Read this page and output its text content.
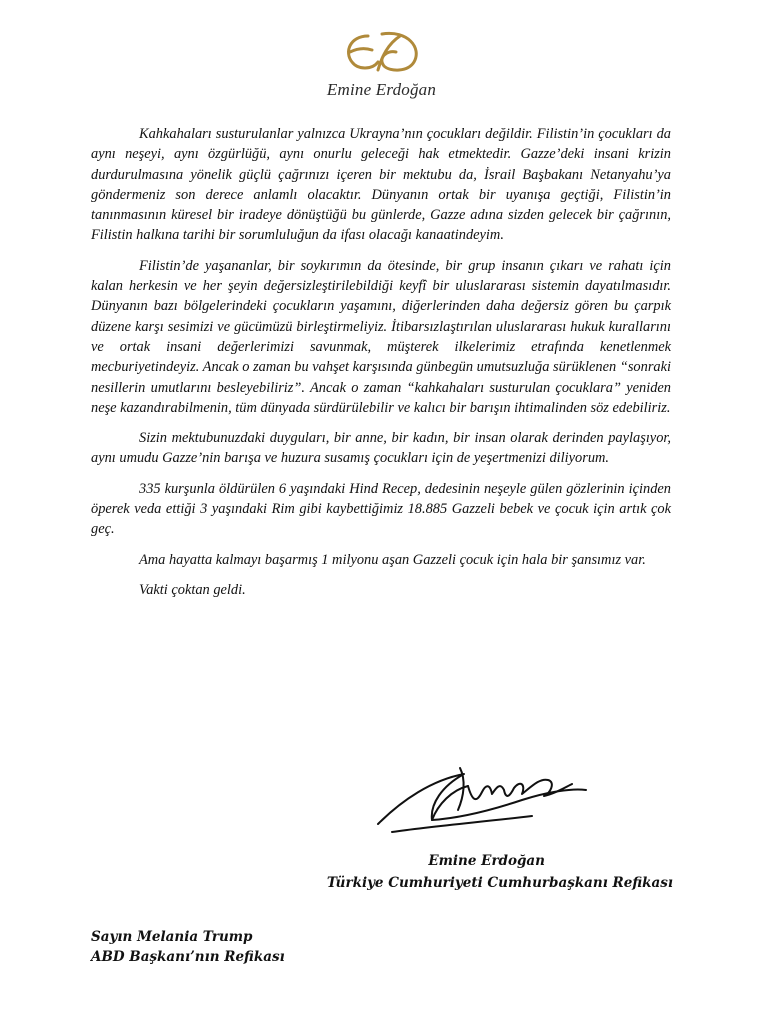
Emine Erdoğan

Kahkahaları susturulanlar yalnızca Ukrayna’nın çocukları değildir. Filistin’in çocukları da aynı neşeyi, aynı özgürlüğü, aynı onurlu geleceği hak etmektedir. Gazze’deki insani krizin durdurulmasına yönelik güçlü çağrınızı içeren bir mektubu da, İsrail Başbakanı Netanyahu’ya göndermeniz son derece anlamlı olacaktır. Dünyanın ortak bir uyanışa geçtiği, Filistin’in tanınmasının küresel bir iradeye dönüştüğü bu günlerde, Gazze adına sizden gelecek bir çağrının, Filistin halkına tarihi bir sorumluluğun da ifası olacağı kanaatindeyim.

Filistin’de yaşananlar, bir soykırımın da ötesinde, bir grup insanın çıkarı ve rahatı için kalan herkesin ve her şeyin değersizleştirilebildiği keyfî bir uluslararası sistemin dayatılmasıdır. Dünyanın bazı bölgelerindeki çocukların yaşamını, diğerlerinden daha değersiz gören bu çarpık düzene karşı sesimizi ve gücümüzü birleştirmeliyiz. İtibarsızlaştırılan uluslararası hukuk kurallarını ve ortak insani değerlerimizi savunmak, müşterek ilkelerimiz etrafında kenetlenmek mecburiyetindeyiz. Ancak o zaman bu vahşet karşısında günbegün umutsuzluğa sürüklenen “sonraki nesillerin umutlarını besleyebiliriz”. Ancak o zaman “kahkahaları susturulan çocuklara” yeniden neşe kazandırabilmenin, tüm dünyada sürdürülebilir ve kalıcı bir barışın ihtimalinden söz edebiliriz.

Sizin mektubunuzdaki duyguları, bir anne, bir kadın, bir insan olarak derinden paylaşıyor, aynı umudu Gazze’nin barışa ve huzura susamış çocukları için de yeşertmenizi diliyorum.

335 kurşunla öldürülen 6 yaşındaki Hind Recep, dedesinin neşeyle gülen gözlerinin içinden öperek veda ettiği 3 yaşındaki Rim gibi kaybettiğimiz 18.885 Gazzeli bebek ve çocuk için artık çok geç.

Ama hayatta kalmayı başarmış 1 milyonu aşan Gazzeli çocuk için hala bir şansımız var.

Vakti çoktan geldi.

Emine Erdoğan
Türkiye Cumhuriyeti Cumhurbaşkanı Refikası
Sayın Melania Trump
ABD Başkanı’nın Refikası
